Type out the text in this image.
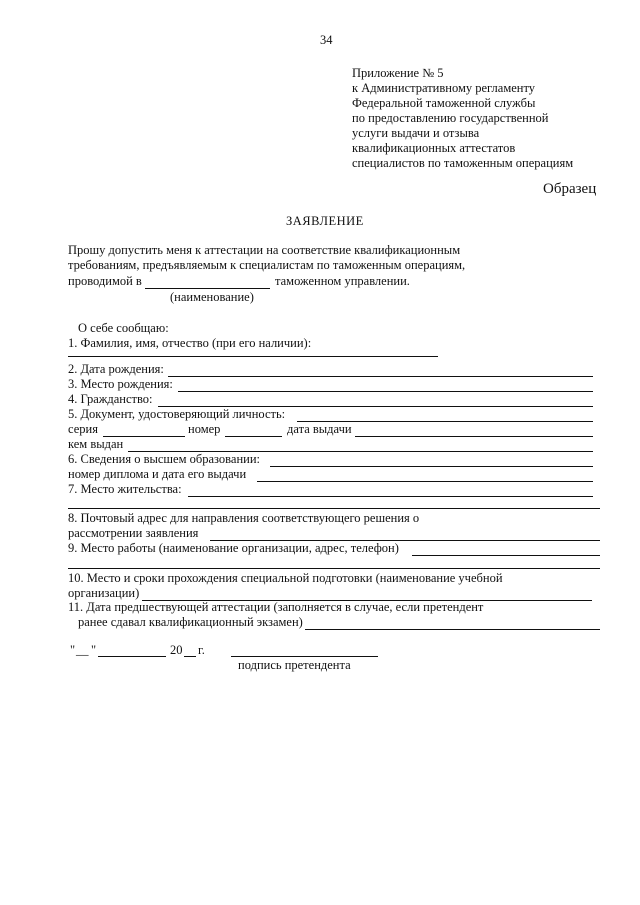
34
Приложение № 5
к Административному регламенту
Федеральной таможенной службы
по предоставлению государственной
услуги выдачи и отзыва
квалификационных аттестатов
специалистов по таможенным операциям
Образец
ЗАЯВЛЕНИЕ
Прошу допустить меня к аттестации на соответствие квалификационным
требованиям, предъявляемым к специалистам по таможенным операциям,
проводимой в	таможенном управлении.
(наименование)
О себе сообщаю:
1. Фамилия, имя, отчество (при его наличии):
2. Дата рождения:
3. Место рождения:
4. Гражданство:
5. Документ, удостоверяющий личность:
серия	номер	дата выдачи
кем выдан
6. Сведения о высшем образовании:
номер диплома и дата его выдачи
7. Место жительства:
8. Почтовый адрес для направления соответствующего решения о
рассмотрении заявления
9. Место работы (наименование организации, адрес, телефон)
10. Место и сроки прохождения специальной подготовки (наименование учебной
организации)
11. Дата предшествующей аттестации (заполняется в случае, если претендент
ранее сдавал квалификационный экзамен)
" __ "	20 г.
подпись претендента
